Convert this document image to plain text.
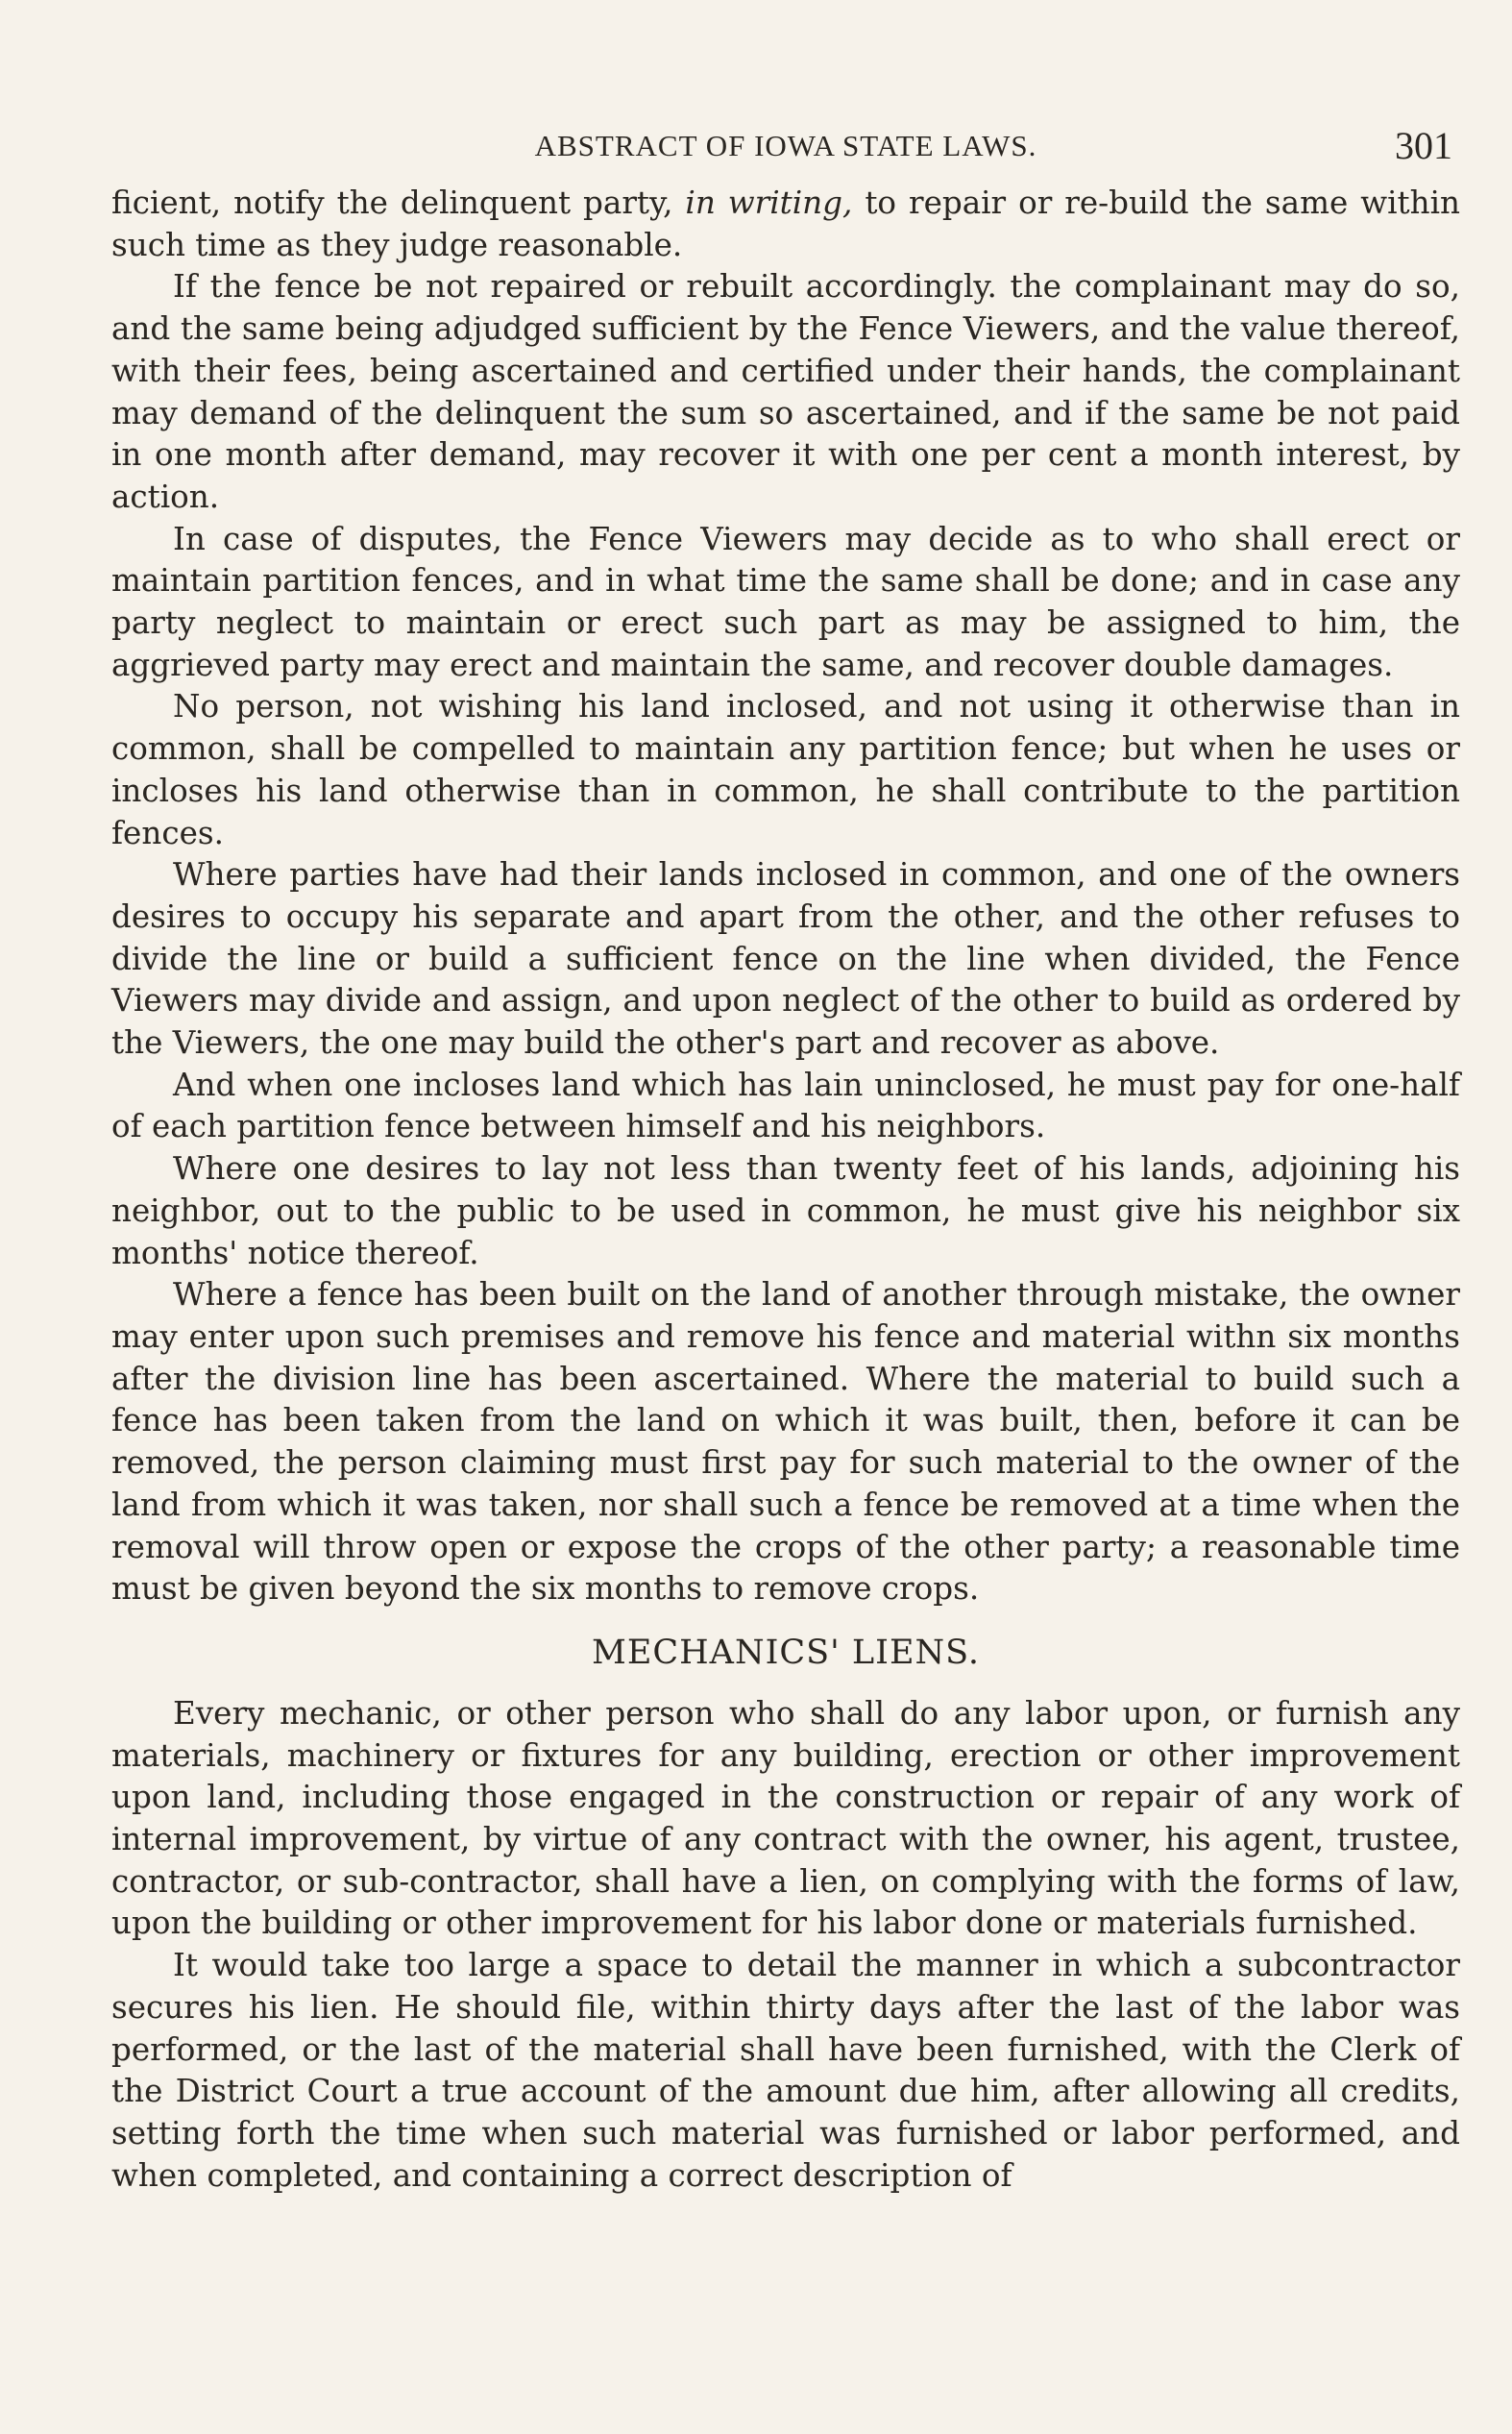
ABSTRACT OF IOWA STATE LAWS.	301

ficient, notify the delinquent party, in writing, to repair or re-build the same within such time as they judge reasonable.

If the fence be not repaired or rebuilt accordingly. the complainant may do so, and the same being adjudged sufficient by the Fence Viewers, and the value thereof, with their fees, being ascertained and certified under their hands, the complainant may demand of the delinquent the sum so ascertained, and if the same be not paid in one month after demand, may recover it with one per cent a month interest, by action.

In case of disputes, the Fence Viewers may decide as to who shall erect or maintain partition fences, and in what time the same shall be done; and in case any party neglect to maintain or erect such part as may be assigned to him, the aggrieved party may erect and maintain the same, and recover double damages.

No person, not wishing his land inclosed, and not using it otherwise than in common, shall be compelled to maintain any partition fence; but when he uses or incloses his land otherwise than in common, he shall contribute to the partition fences.

Where parties have had their lands inclosed in common, and one of the owners desires to occupy his separate and apart from the other, and the other refuses to divide the line or build a sufficient fence on the line when divided, the Fence Viewers may divide and assign, and upon neglect of the other to build as ordered by the Viewers, the one may build the other's part and recover as above.

And when one incloses land which has lain uninclosed, he must pay for one-half of each partition fence between himself and his neighbors.

Where one desires to lay not less than twenty feet of his lands, adjoining his neighbor, out to the public to be used in common, he must give his neighbor six months' notice thereof.

Where a fence has been built on the land of another through mistake, the owner may enter upon such premises and remove his fence and material withn six months after the division line has been ascertained. Where the material to build such a fence has been taken from the land on which it was built, then, before it can be removed, the person claiming must first pay for such material to the owner of the land from which it was taken, nor shall such a fence be removed at a time when the removal will throw open or expose the crops of the other party; a reasonable time must be given beyond the six months to remove crops.

MECHANICS' LIENS.

Every mechanic, or other person who shall do any labor upon, or furnish any materials, machinery or fixtures for any building, erection or other improvement upon land, including those engaged in the construction or repair of any work of internal improvement, by virtue of any contract with the owner, his agent, trustee, contractor, or sub-contractor, shall have a lien, on complying with the forms of law, upon the building or other improvement for his labor done or materials furnished.

It would take too large a space to detail the manner in which a subcontractor secures his lien. He should file, within thirty days after the last of the labor was performed, or the last of the material shall have been furnished, with the Clerk of the District Court a true account of the amount due him, after allowing all credits, setting forth the time when such material was furnished or labor performed, and when completed, and containing a correct description of
